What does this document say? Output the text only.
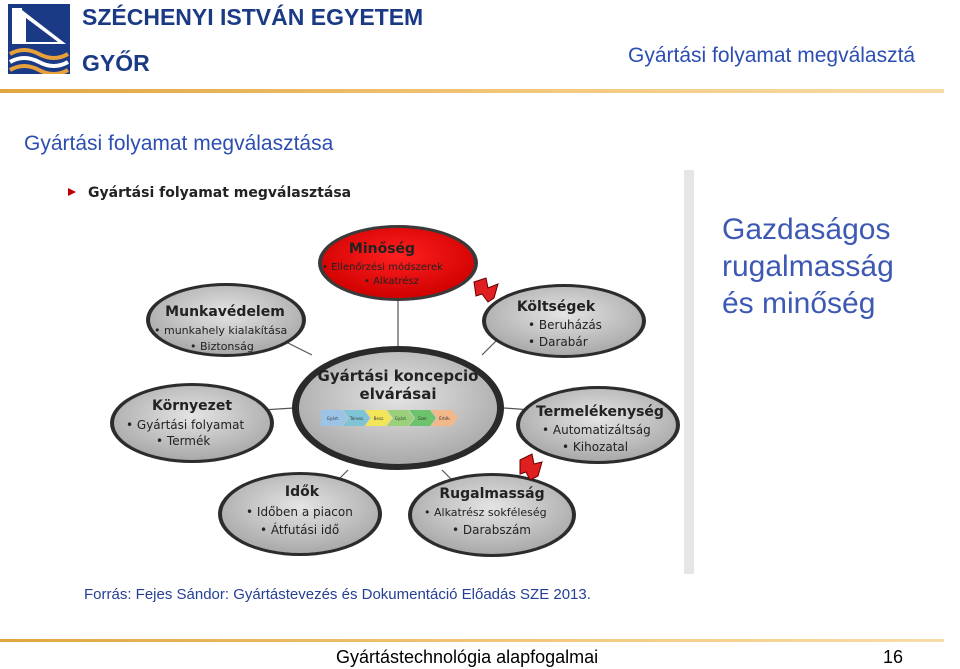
SZÉCHENYI ISTVÁN EGYETEM
GYŐR	Gyártási folyamat megválasztá
Gyártási folyamat megválasztása
Gyártási folyamat megválasztása
Gyártási koncepció
elvárásai
Gyárt.	Tervez. Besz.	Gyárt.	Szer.	Érték.
Minőség
• Ellenőrzési módszerek
• Alkatrész
Munkavédelem
• munkahely kialakítása
• Biztonság
Költségek
• Beruházás
• Darabár
Környezet
• Gyártási folyamat
• Termék
Termelékenység
• Automatizáltság
• Kihozatal
Idők
• Időben a piacon
• Átfutási idő
Rugalmasság
• Alkatrész sokféleség
• Darabszám
Gazdaságos
rugalmasság
és minőség
Forrás: Fejes Sándor: Gyártástevezés és Dokumentáció Előadás SZE 2013.
Gyártástechnológia alapfogalmai	16
